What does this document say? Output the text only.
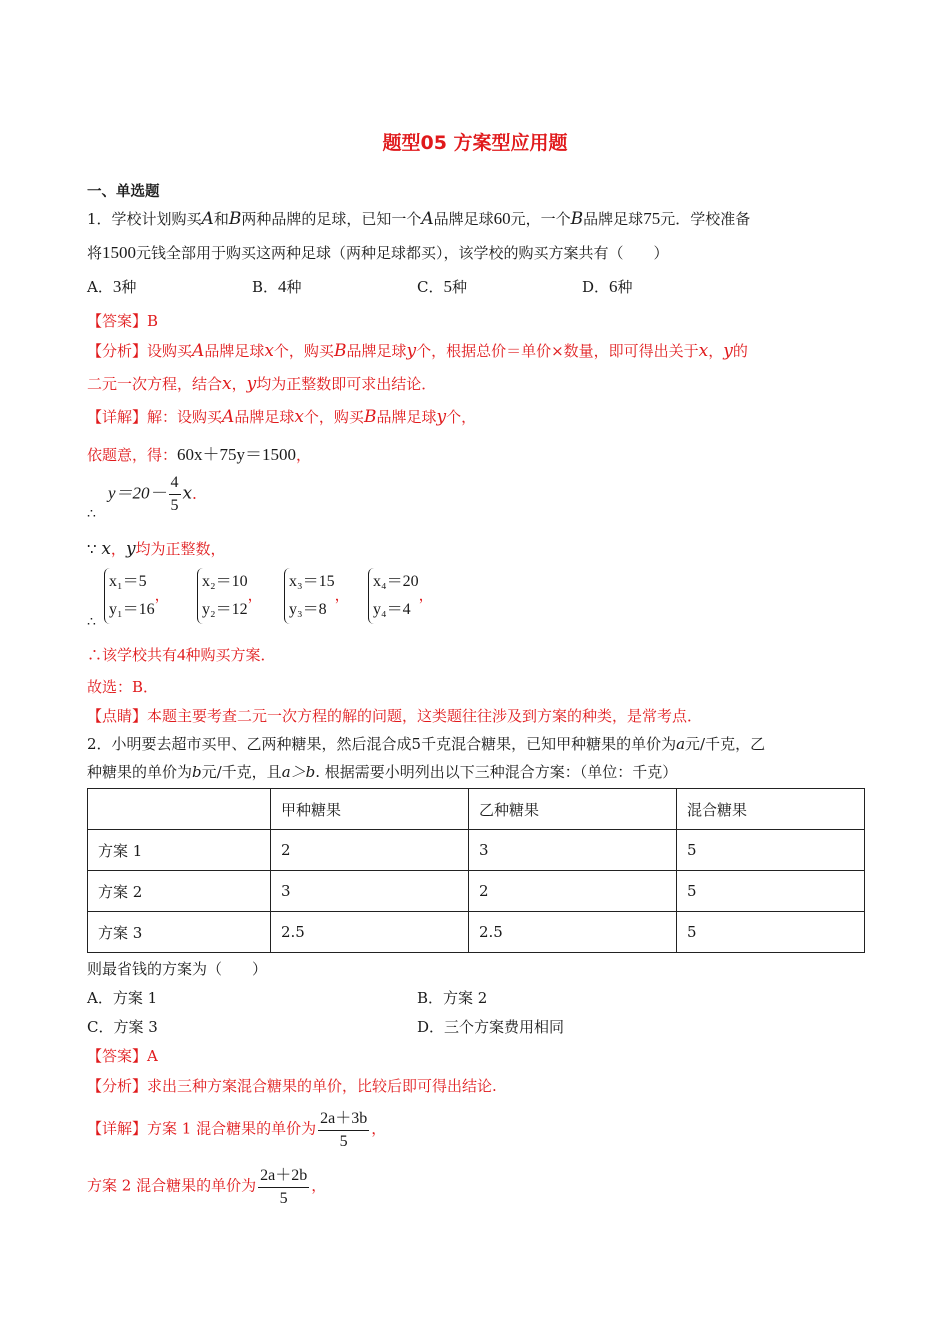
题型05 方案型应用题
一、单选题
1．学校计划购买A和B两种品牌的足球，已知一个A品牌足球60元，一个B品牌足球75元．学校准备
将1500元钱全部用于购买这两种足球（两种足球都买），该学校的购买方案共有（　　）
A．3种	B．4种	C．5种	D．6种
【答案】B
【分析】设购买A品牌足球x个，购买B品牌足球y个，根据总价＝单价×数量，即可得出关于x，y的
二元一次方程，结合x，y均为正整数即可求出结论．
【详解】解：设购买A品牌足球x个，购买B品牌足球y个，
依题意，得：60x＋75y＝1500，
$y=20- \frac{4}{5}$ x．
∴
∵ x，y均为正整数，
x₁＝5
y₁＝16，
x₂＝10
y₂＝12，
x₃＝15
y₃＝8，
x₄＝20
y₄＝4，
∴
∴该学校共有4种购买方案．
故选：B．
【点睛】本题主要考查二元一次方程的解的问题，这类题往往涉及到方案的种类，是常考点．
2．小明要去超市买甲、乙两种糖果，然后混合成5千克混合糖果，已知甲种糖果的单价为a元/千克，乙
种糖果的单价为b元/千克，且a＞b. 根据需要小明列出以下三种混合方案：（单位：千克）
	甲种糖果	乙种糖果	混合糖果
方案 1	2	3	5
方案 2	3	2	5
方案 3	2.5	2.5	5
则最省钱的方案为（　　）
A．方案 1	B．方案 2
C．方案 3	D．三个方案费用相同
【答案】A
【分析】求出三种方案混合糖果的单价，比较后即可得出结论.
【详解】方案 1 混合糖果的单价为 $\frac{2a+3b}{5}$ ，
方案 2 混合糖果的单价为 $\frac{2a+2b}{5}$ ，
